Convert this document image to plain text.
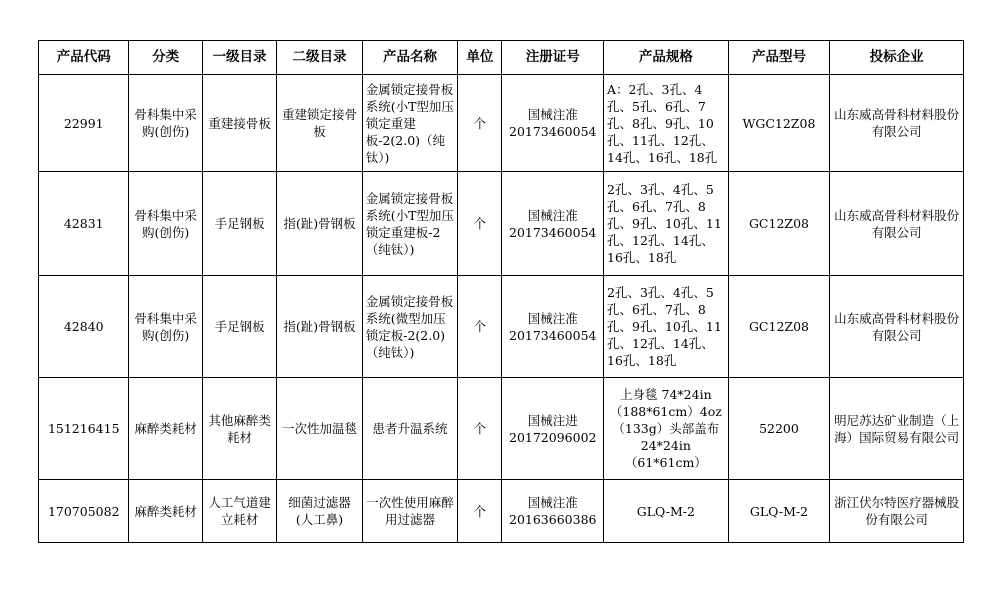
产品代码	分类	一级目录	二级目录	产品名称	单位	注册证号	产品规格	产品型号	投标企业
22991	骨科集中采购(创伤)	重建接骨板	重建锁定接骨板	金属锁定接骨板系统(小T型加压锁定重建板-2(2.0)（纯钛）)	个	国械注准20173460054	A：2孔、3孔、4孔、5孔、6孔、7孔、8孔、9孔、10孔、11孔、12孔、14孔、16孔、18孔	WGC12Z08	山东威高骨科材料股份有限公司
42831	骨科集中采购(创伤)	手足钢板	指(趾)骨钢板	金属锁定接骨板系统(小T型加压锁定重建板-2（纯钛）)	个	国械注准20173460054	2孔、3孔、4孔、5孔、6孔、7孔、8孔、9孔、10孔、11孔、12孔、14孔、16孔、18孔	GC12Z08	山东威高骨科材料股份有限公司
42840	骨科集中采购(创伤)	手足钢板	指(趾)骨钢板	金属锁定接骨板系统(微型加压锁定板-2(2.0)（纯钛）)	个	国械注准20173460054	2孔、3孔、4孔、5孔、6孔、7孔、8孔、9孔、10孔、11孔、12孔、14孔、16孔、18孔	GC12Z08	山东威高骨科材料股份有限公司
151216415	麻醉类耗材	其他麻醉类耗材	一次性加温毯	患者升温系统	个	国械注进20172096002	上身毯 74*24in（188*61cm）4oz（133g）头部盖布 24*24in（61*61cm）	52200	明尼苏达矿业制造（上海）国际贸易有限公司
170705082	麻醉类耗材	人工气道建立耗材	细菌过滤器(人工鼻)	一次性使用麻醉用过滤器	个	国械注准20163660386	GLQ-M-2	GLQ-M-2	浙江伏尔特医疗器械股份有限公司
